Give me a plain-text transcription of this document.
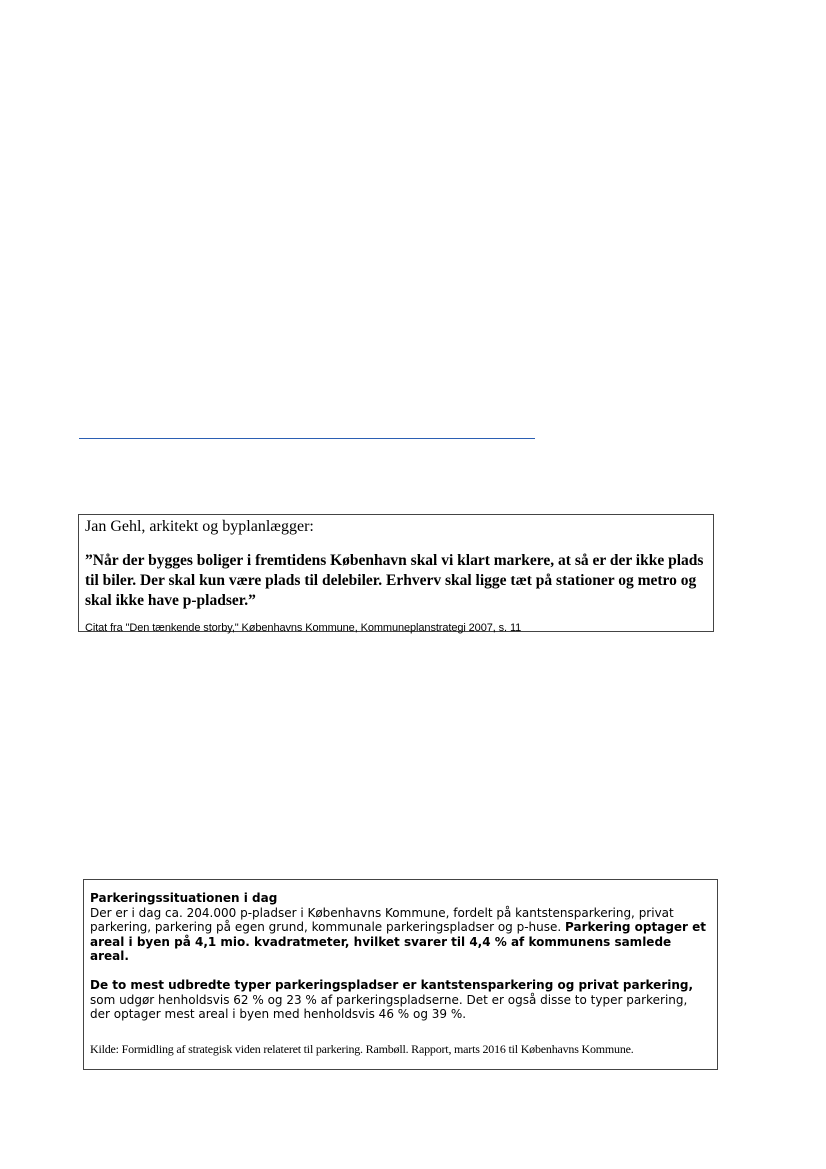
Jan Gehl, arkitekt og byplanlægger:

”Når der bygges boliger i fremtidens København skal vi klart markere, at så er der ikke plads til biler. Der skal kun være plads til delebiler. Erhverv skal ligge tæt på stationer og metro og skal ikke have p-pladser.”

Citat fra "Den tænkende storby," Københavns Kommune, Kommuneplanstrategi 2007, s. 11

Parkeringssituationen i dag

Der er i dag ca. 204.000 p-pladser i Københavns Kommune, fordelt på kantstensparkering, privat parkering, parkering på egen grund, kommunale parkeringspladser og p-huse. Parkering optager et areal i byen på 4,1 mio. kvadratmeter, hvilket svarer til 4,4 % af kommunens samlede areal.

De to mest udbredte typer parkeringspladser er kantstensparkering og privat parkering, som udgør henholdsvis 62 % og 23 % af parkeringspladserne. Det er også disse to typer parkering, der optager mest areal i byen med henholdsvis 46 % og 39 %.

Kilde: Formidling af strategisk viden relateret til parkering. Rambøll. Rapport, marts 2016 til Københavns Kommune.
